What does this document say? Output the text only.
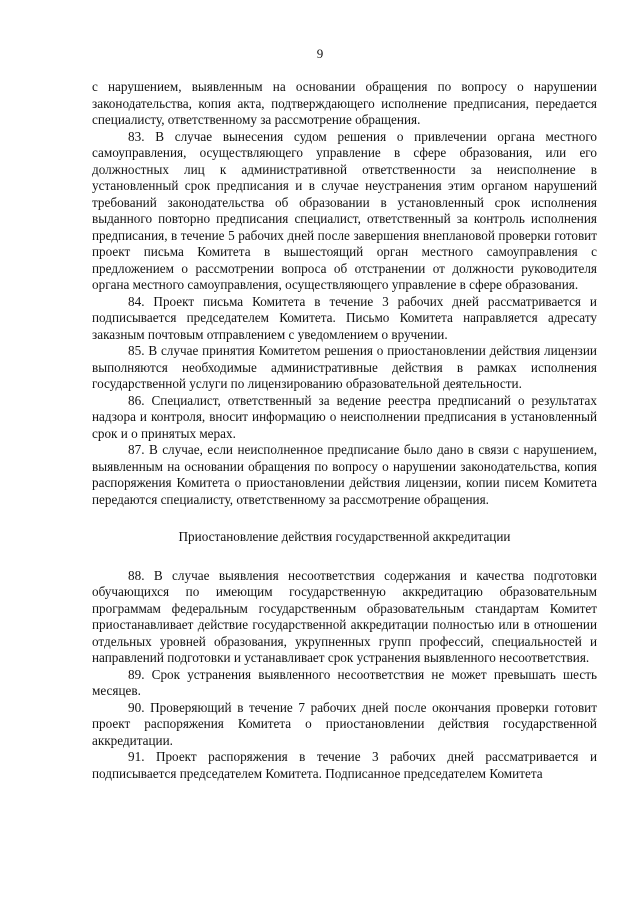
9

с нарушением, выявленным на основании обращения по вопросу о нарушении законодательства, копия акта, подтверждающего исполнение предписания, передается специалисту, ответственному за рассмотрение обращения.

83. В случае вынесения судом решения о привлечении органа местного самоуправления, осуществляющего управление в сфере образования, или его должностных лиц к административной ответственности за неисполнение в установленный срок предписания и в случае неустранения этим органом нарушений требований законодательства об образовании в установленный срок исполнения выданного повторно предписания специалист, ответственный за контроль исполнения предписания, в течение 5 рабочих дней после завершения внеплановой проверки готовит проект письма Комитета в вышестоящий орган местного самоуправления с предложением о рассмотрении вопроса об отстранении от должности руководителя органа местного самоуправления, осуществляющего управление в сфере образования.

84. Проект письма Комитета в течение 3 рабочих дней рассматривается и подписывается председателем Комитета. Письмо Комитета направляется адресату заказным почтовым отправлением с уведомлением о вручении.

85. В случае принятия Комитетом решения о приостановлении действия лицензии выполняются необходимые административные действия в рамках исполнения государственной услуги по лицензированию образовательной деятельности.

86. Специалист, ответственный за ведение реестра предписаний о результатах надзора и контроля, вносит информацию о неисполнении предписания в установленный срок и о принятых мерах.

87. В случае, если неисполненное предписание было дано в связи с нарушением, выявленным на основании обращения по вопросу о нарушении законодательства, копия распоряжения Комитета о приостановлении действия лицензии, копии писем Комитета передаются специалисту, ответственному за рассмотрение обращения.

Приостановление действия государственной аккредитации

88. В случае выявления несоответствия содержания и качества подготовки обучающихся по имеющим государственную аккредитацию образовательным программам федеральным государственным образовательным стандартам Комитет приостанавливает действие государственной аккредитации полностью или в отношении отдельных уровней образования, укрупненных групп профессий, специальностей и направлений подготовки и устанавливает срок устранения выявленного несоответствия.

89. Срок устранения выявленного несоответствия не может превышать шесть месяцев.

90. Проверяющий в течение 7 рабочих дней после окончания проверки готовит проект распоряжения Комитета о приостановлении действия государственной аккредитации.

91. Проект распоряжения в течение 3 рабочих дней рассматривается и подписывается председателем Комитета. Подписанное председателем Комитета
